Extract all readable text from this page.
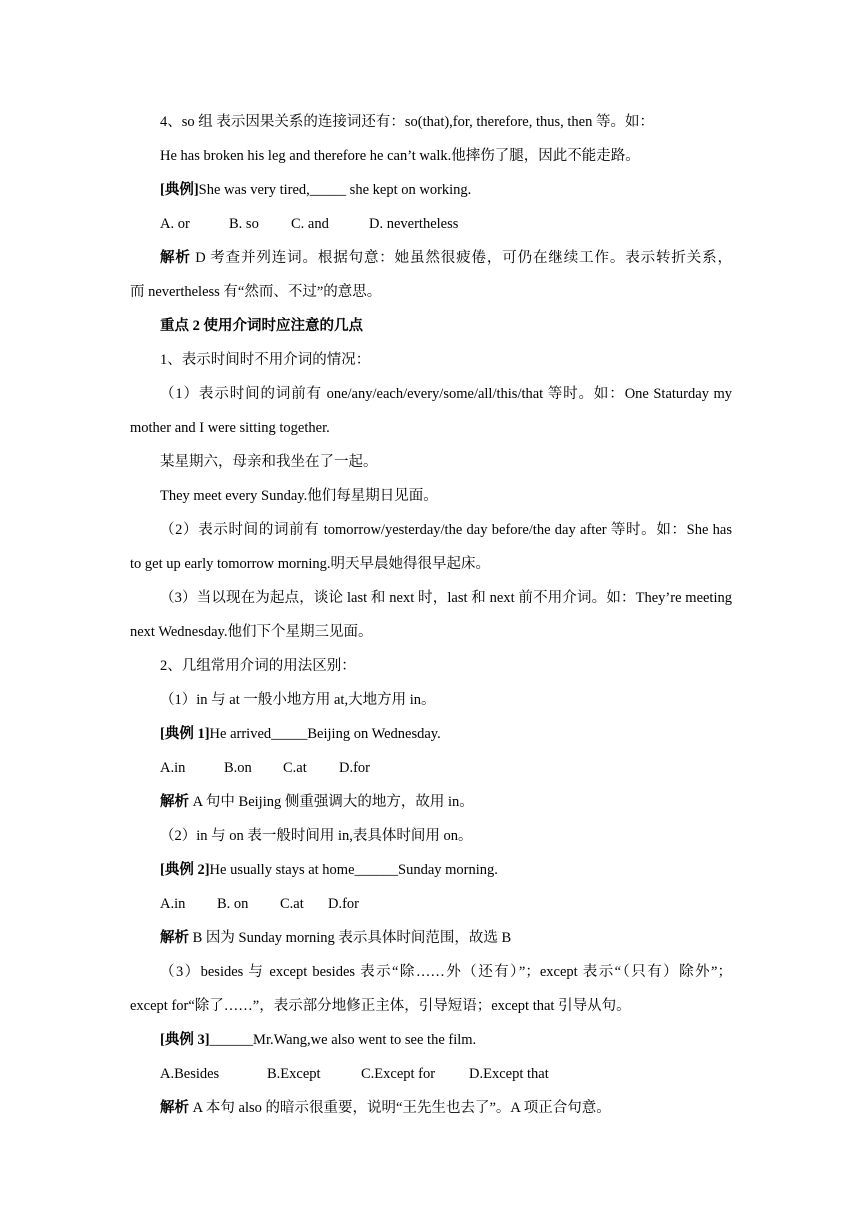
4、so 组 表示因果关系的连接词还有：so(that),for, therefore, thus, then 等。如：
He has broken his leg and therefore he can’t walk.他摔伤了腿，因此不能走路。
[典例]She was very tired,_____ she kept on working.
A. or	B. so C. and	D. nevertheless
解析 D 考查并列连词。根据句意：她虽然很疲倦，可仍在继续工作。表示转折关系，
而 nevertheless 有“然而、不过”的意思。
重点 2 使用介词时应注意的几点
1、表示时间时不用介词的情况：
（1）表示时间的词前有 one/any/each/every/some/all/this/that 等时。如：One Staturday my
mother and I were sitting together.
某星期六，母亲和我坐在了一起。
They meet every Sunday.他们每星期日见面。
（2）表示时间的词前有 tomorrow/yesterday/the day before/the day after 等时。如：She has
to get up early tomorrow morning.明天早晨她得很早起床。
（3）当以现在为起点，谈论 last 和 next 时，last 和 next 前不用介词。如：They’re meeting
next Wednesday.他们下个星期三见面。
2、几组常用介词的用法区别：
（1）in 与 at 一般小地方用 at,大地方用 in。
[典例 1]He arrived_____Beijing on Wednesday.
A.in	B.on C.at D.for
解析 A 句中 Beijing 侧重强调大的地方，故用 in。
（2）in 与 on 表一般时间用 in,表具体时间用 on。
[典例 2]He usually stays at home______Sunday morning.
A.in B. on C.at D.for
解析 B 因为 Sunday morning 表示具体时间范围，故选 B
（3）besides 与 except besides 表示“除……外（还有）”；except 表示“（只有）除外”；
except for“除了……”，表示部分地修正主体，引导短语；except that 引导从句。
[典例 3]______Mr.Wang,we also went to see the film.
A.Besides	B.Except	C.Except for D.Except that
解析 A 本句 also 的暗示很重要，说明“王先生也去了”。A 项正合句意。
